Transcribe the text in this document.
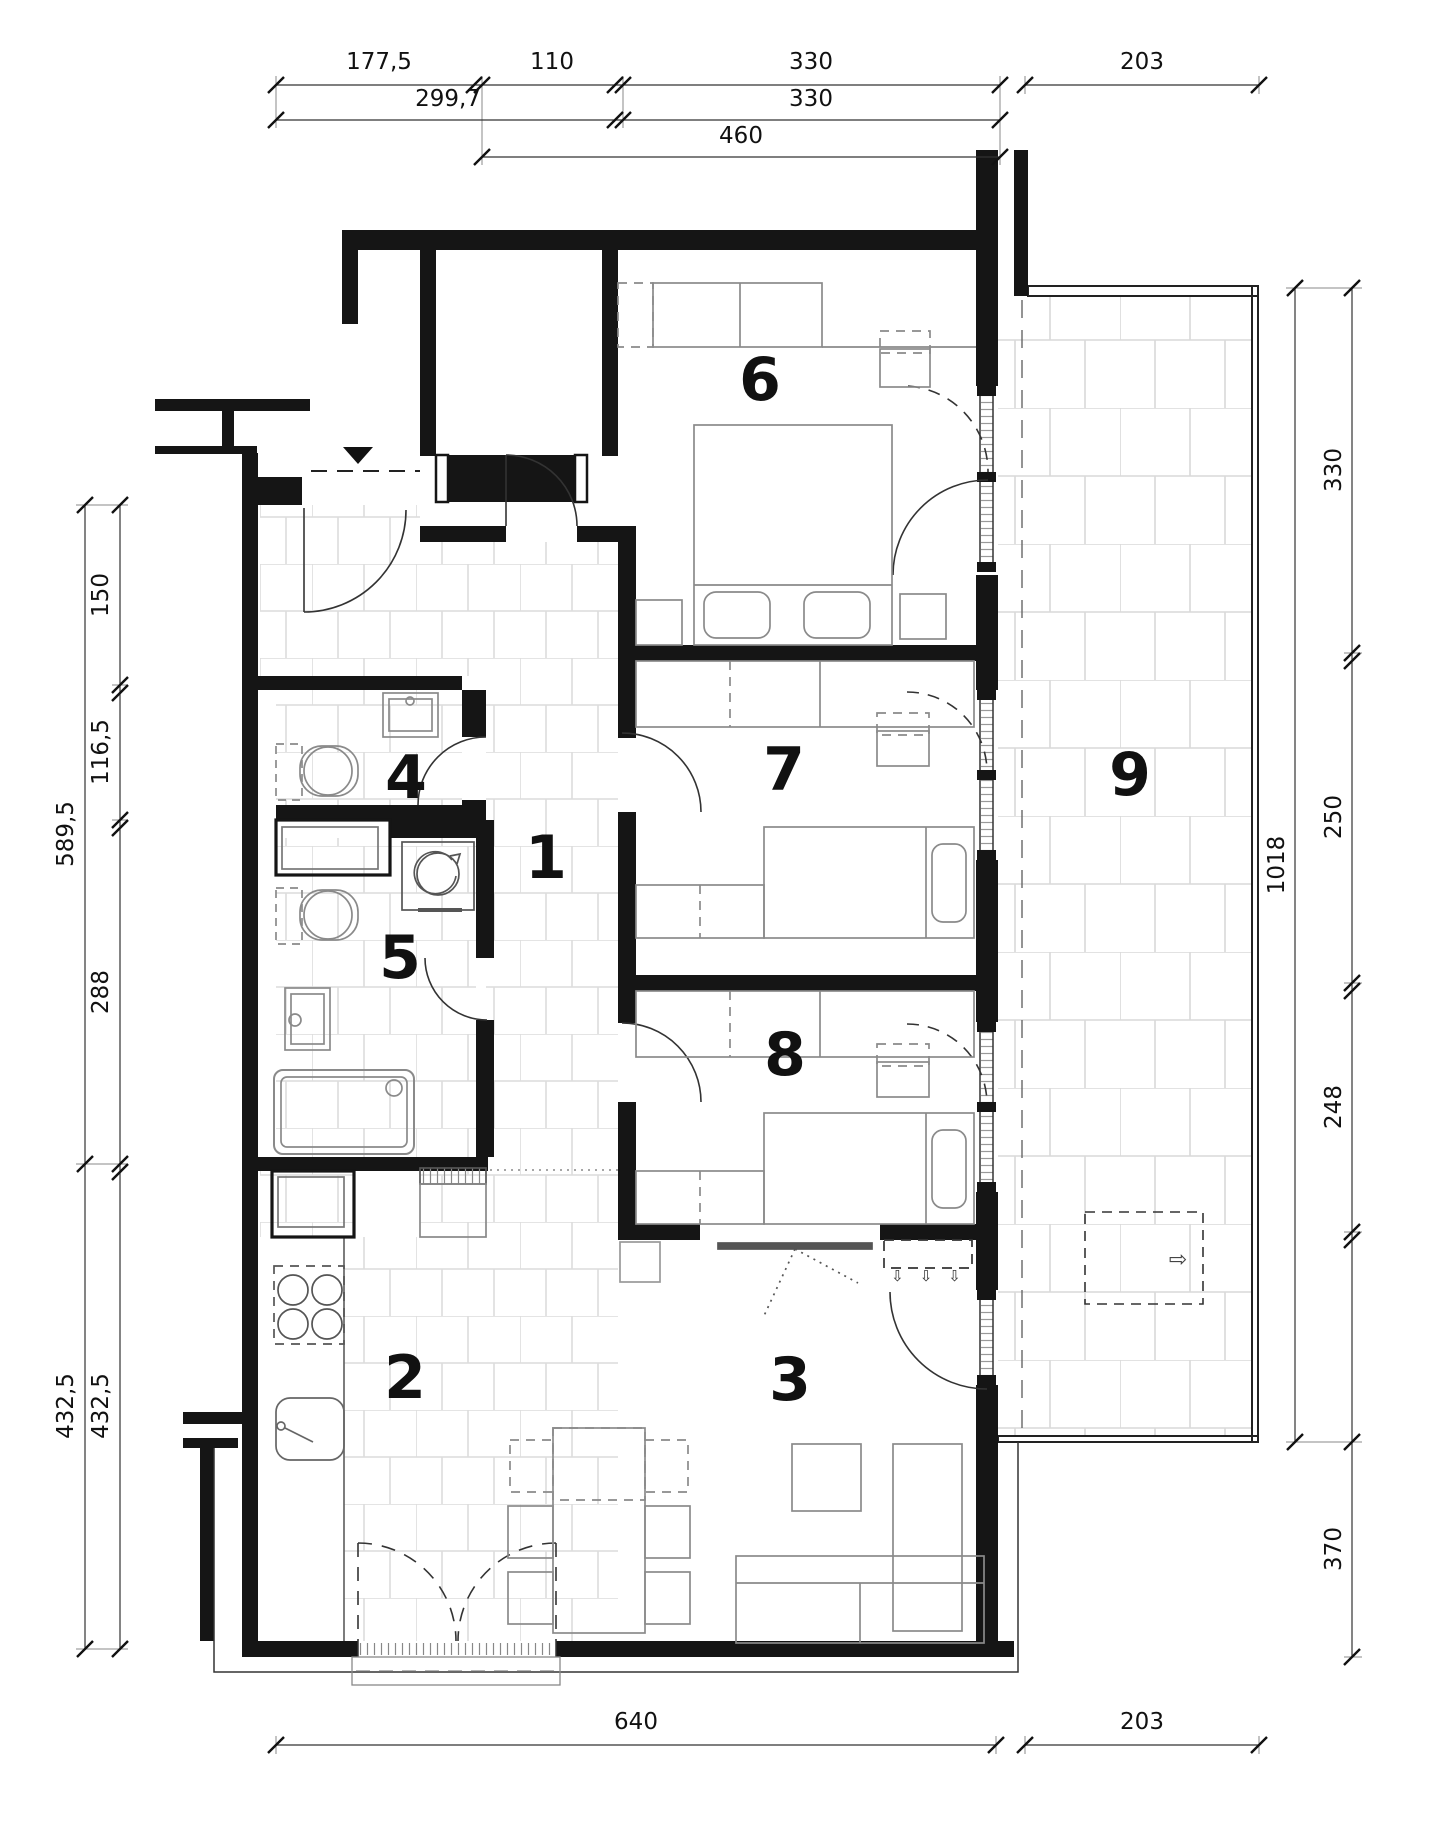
1
2	3
4
5
6
7
8
9
177,5	110	330	203
299,7	330
460
589,5
432,5
150
116,5
288
432,5
1018
330
250
248
370
640	203
⇩⇩⇩
⇨
